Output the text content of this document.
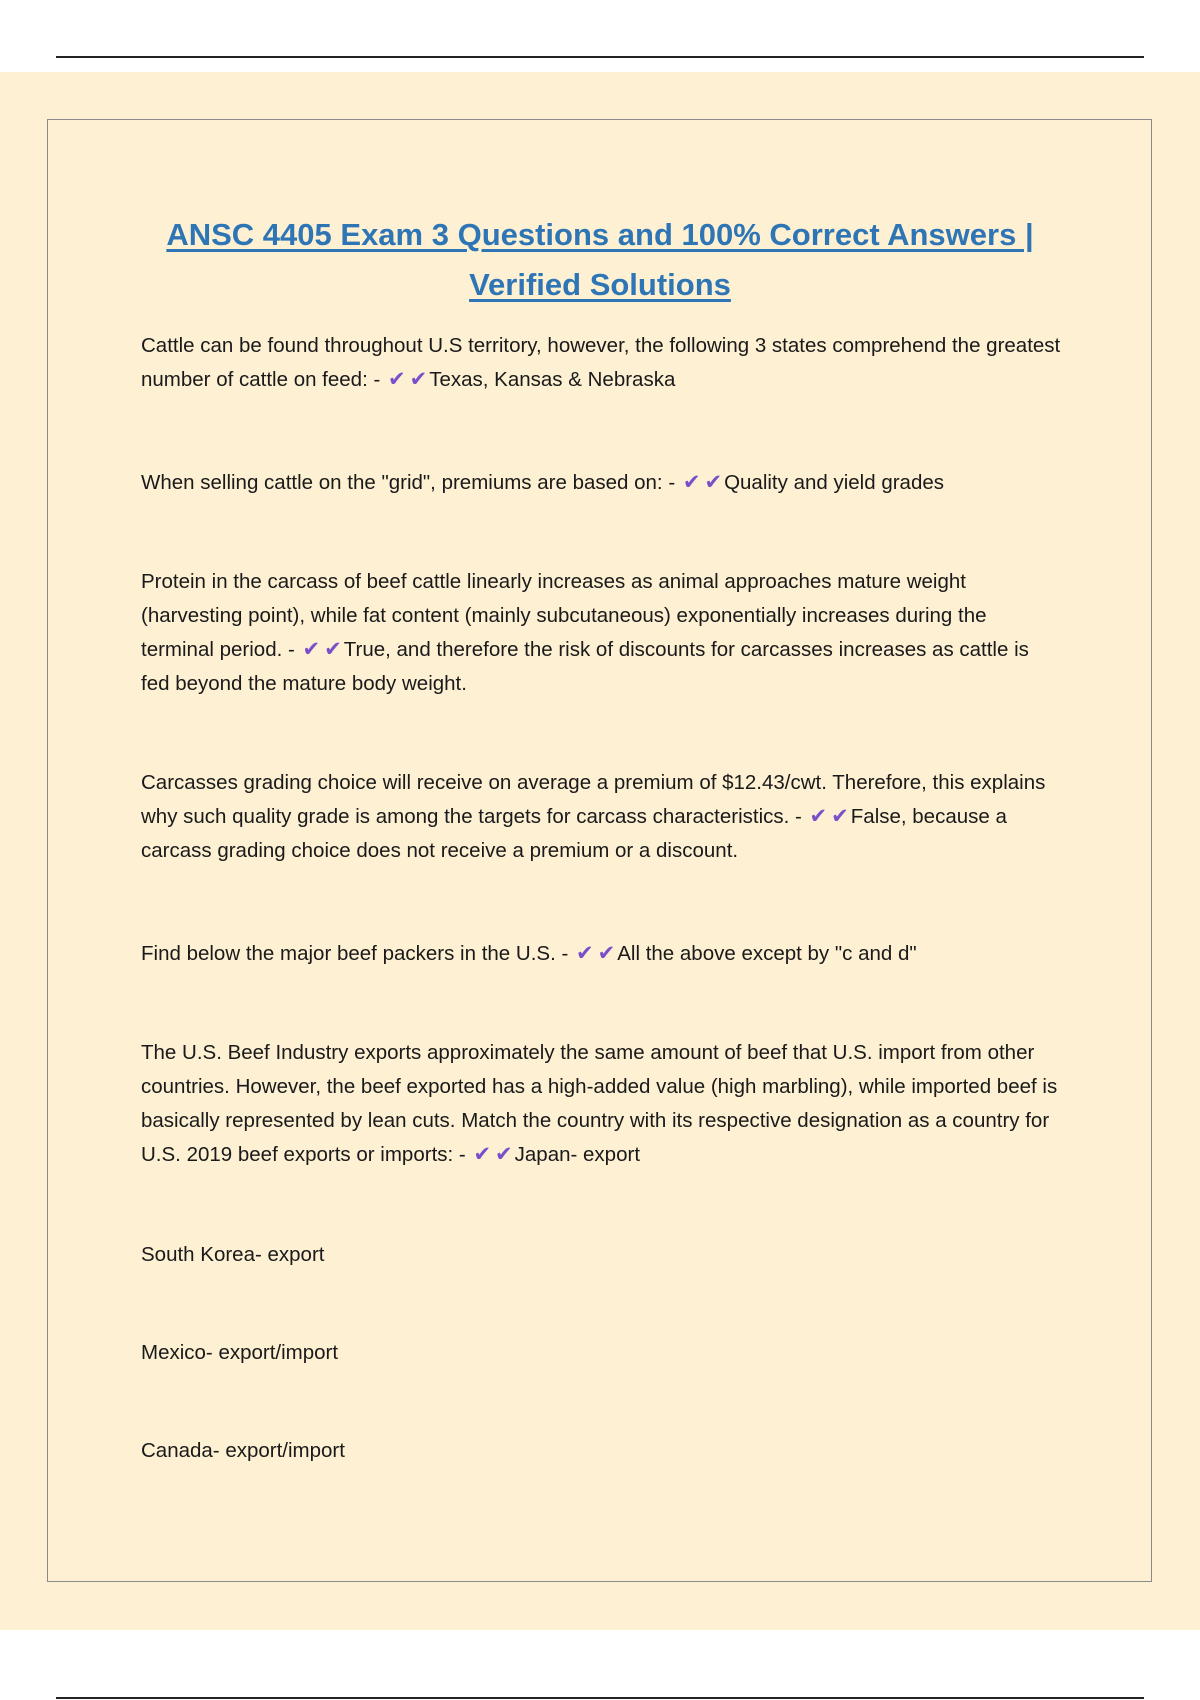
ANSC 4405 Exam 3 Questions and 100% Correct Answers | Verified Solutions
Cattle can be found throughout U.S territory, however, the following 3 states comprehend the greatest number of cattle on feed: - ✔ ✔Texas, Kansas & Nebraska
When selling cattle on the "grid", premiums are based on: - ✔ ✔Quality and yield grades
Protein in the carcass of beef cattle linearly increases as animal approaches mature weight (harvesting point), while fat content (mainly subcutaneous) exponentially increases during the terminal period. - ✔ ✔True, and therefore the risk of discounts for carcasses increases as cattle is fed beyond the mature body weight.
Carcasses grading choice will receive on average a premium of $12.43/cwt. Therefore, this explains why such quality grade is among the targets for carcass characteristics. - ✔ ✔False, because a carcass grading choice does not receive a premium or a discount.
Find below the major beef packers in the U.S. - ✔ ✔All the above except by "c and d"
The U.S. Beef Industry exports approximately the same amount of beef that U.S. import from other countries. However, the beef exported has a high-added value (high marbling), while imported beef is basically represented by lean cuts. Match the country with its respective designation as a country for U.S. 2019 beef exports or imports: - ✔ ✔Japan- export
South Korea- export
Mexico- export/import
Canada- export/import
